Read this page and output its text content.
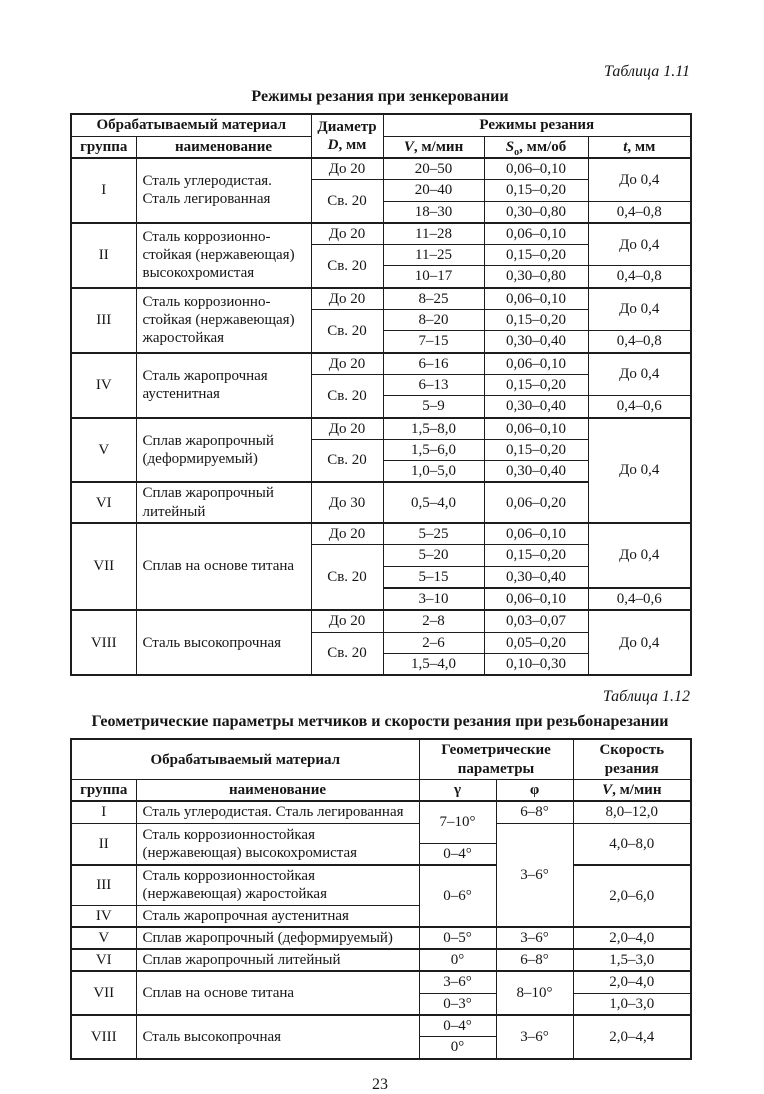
Таблица 1.11
Режимы резания при зенкеровании
Обрабатываемый материал		Диаметр
D, мм	Режимы резания		
группа	наименование		V, м/мин	$S_о$, мм/об	t, мм
I	Сталь углеродистая. Сталь легированная	До 20	20–50	0,06–0,10	До 0,4
		Св. 20	20–40	0,15–0,20	
			18–30	0,30–0,80	0,4–0,8
II	Сталь коррозионно-стойкая (нержавеющая) высокохромистая	До 20	11–28	0,06–0,10	До 0,4
		Св. 20	11–25	0,15–0,20	
			10–17	0,30–0,80	0,4–0,8
III	Сталь коррозионно-стойкая (нержавеющая) жаростойкая	До 20	8–25	0,06–0,10	До 0,4
		Св. 20	8–20	0,15–0,20	
			7–15	0,30–0,40	0,4–0,8
IV	Сталь жаропрочная аустенитная	До 20	6–16	0,06–0,10	До 0,4
		Св. 20	6–13	0,15–0,20	
			5–9	0,30–0,40	0,4–0,6
V	Сплав жаропрочный (деформируемый)	До 20	1,5–8,0	0,06–0,10	До 0,4
		Св. 20	1,5–6,0	0,15–0,20	
			1,0–5,0	0,30–0,40	
VI	Сплав жаропрочный литейный	До 30	0,5–4,0	0,06–0,20	
VII	Сплав на основе титана	До 20	5–25	0,06–0,10	До 0,4
		Св. 20	5–20	0,15–0,20	
			5–15	0,30–0,40	
			3–10	0,06–0,10	0,4–0,6
VIII	Сталь высокопрочная	До 20	2–8	0,03–0,07	До 0,4
		Св. 20	2–6	0,05–0,20	
			1,5–4,0	0,10–0,30	
Таблица 1.12
Геометрические параметры метчиков и скорости резания при резьбонарезании
Обрабатываемый материал		Геометрические параметры		Скорость резания
группа	наименование	γ	φ	V, м/мин
I	Сталь углеродистая. Сталь легированная	7–10°	6–8°	8,0–12,0
II	Сталь коррозионностойкая (нержавеющая) высокохромистая		3–6°	4,0–8,0
		0–4°		
III	Сталь коррозионностойкая (нержавеющая) жаростойкая	0–6°		2,0–6,0
IV	Сталь жаропрочная аустенитная			
V	Сплав жаропрочный (деформируемый)	0–5°	3–6°	2,0–4,0
VI	Сплав жаропрочный литейный	0°	6–8°	1,5–3,0
VII	Сплав на основе титана	3–6°	8–10°	2,0–4,0
		0–3°		1,0–3,0
VIII	Сталь высокопрочная	0–4°	3–6°	2,0–4,4
		0°		
23
